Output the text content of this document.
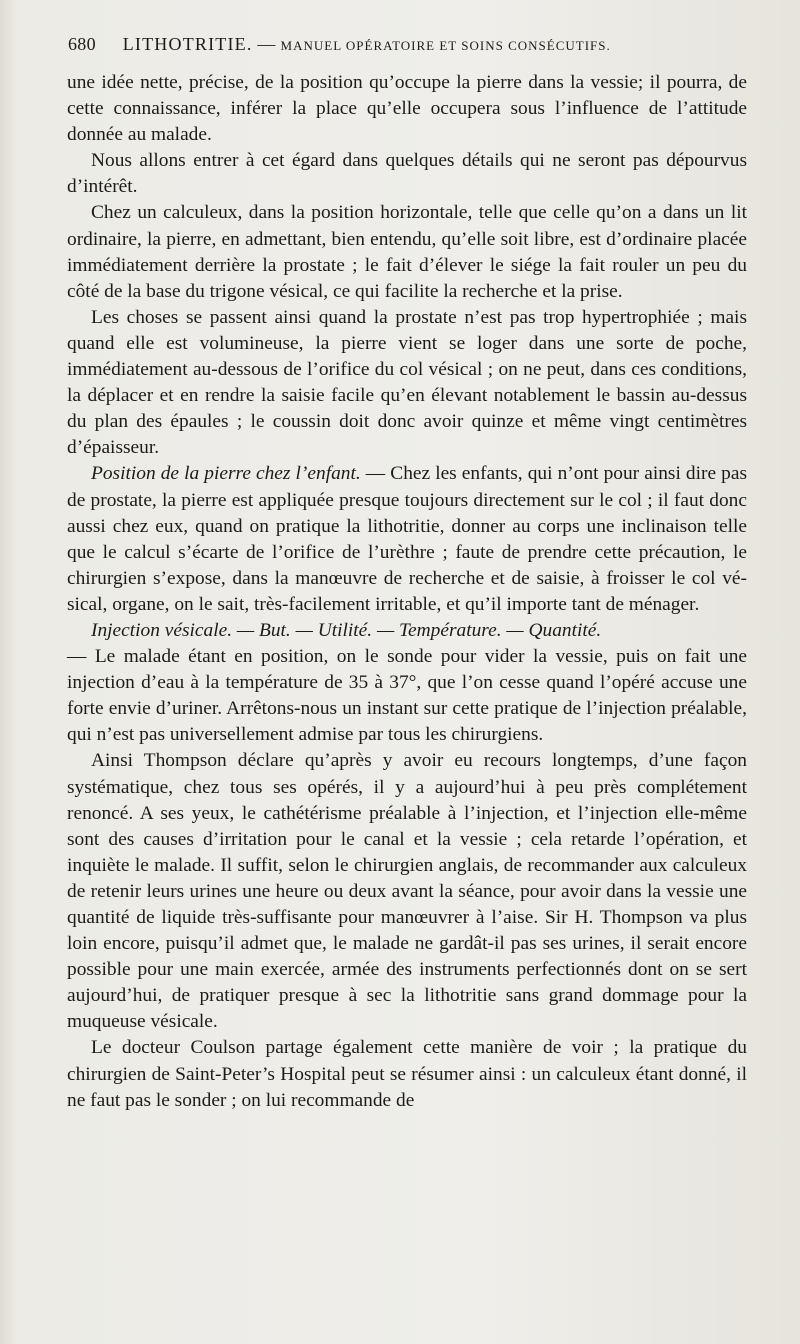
680 LITHOTRITIE. — MANUEL OPÉRATOIRE ET SOINS CONSÉCUTIFS.

une idée nette, précise, de la position qu’occupe la pierre dans la vessie; il pourra, de cette connaissance, inférer la place qu’elle occupera sous l’influence de l’attitude donnée au malade.

Nous allons entrer à cet égard dans quelques détails qui ne seront pas dépourvus d’intérêt.

Chez un calculeux, dans la position horizontale, telle que celle qu’on a dans un lit ordinaire, la pierre, en admettant, bien entendu, qu’elle soit libre, est d’ordinaire placée immédiatement derrière la prostate ; le fait d’élever le siége la fait rouler un peu du côté de la base du trigone vésical, ce qui facilite la recherche et la prise.

Les choses se passent ainsi quand la prostate n’est pas trop hypertrophiée ; mais quand elle est volumineuse, la pierre vient se loger dans une sorte de poche, immédiatement au-dessous de l’orifice du col vésical ; on ne peut, dans ces conditions, la déplacer et en rendre la saisie facile qu’en élevant notablement le bassin au-dessus du plan des épaules ; le coussin doit donc avoir quinze et même vingt centimètres d’épaisseur.

Position de la pierre chez l’enfant. — Chez les enfants, qui n’ont pour ainsi dire pas de prostate, la pierre est appliquée presque toujours directement sur le col ; il faut donc aussi chez eux, quand on pratique la lithotritie, donner au corps une inclinaison telle que le calcul s’écarte de l’orifice de l’urèthre ; faute de prendre cette précaution, le chirurgien s’expose, dans la manœuvre de recherche et de saisie, à froisser le col vésical, organe, on le sait, très-facilement irritable, et qu’il importe tant de ménager.

Injection vésicale. — But. — Utilité. — Température. — Quantité.

— Le malade étant en position, on le sonde pour vider la vessie, puis on fait une injection d’eau à la température de 35 à 37°, que l’on cesse quand l’opéré accuse une forte envie d’uriner. Arrêtons-nous un instant sur cette pratique de l’injection préalable, qui n’est pas universellement admise par tous les chirurgiens.

Ainsi Thompson déclare qu’après y avoir eu recours longtemps, d’une façon systématique, chez tous ses opérés, il y a aujourd’hui à peu près complétement renoncé. A ses yeux, le cathétérisme préalable à l’injection, et l’injection elle-même sont des causes d’irritation pour le canal et la vessie ; cela retarde l’opération, et inquiète le malade. Il suffit, selon le chirurgien anglais, de recommander aux calculeux de retenir leurs urines une heure ou deux avant la séance, pour avoir dans la vessie une quantité de liquide très-suffisante pour manœuvrer à l’aise. Sir H. Thompson va plus loin encore, puisqu’il admet que, le malade ne gardât-il pas ses urines, il serait encore possible pour une main exercée, armée des instruments perfectionnés dont on se sert aujourd’hui, de pratiquer presque à sec la lithotritie sans grand dommage pour la muqueuse vésicale.

Le docteur Coulson partage également cette manière de voir ; la pratique du chirurgien de Saint-Peter’s Hospital peut se résumer ainsi : un calculeux étant donné, il ne faut pas le sonder ; on lui recommande de
